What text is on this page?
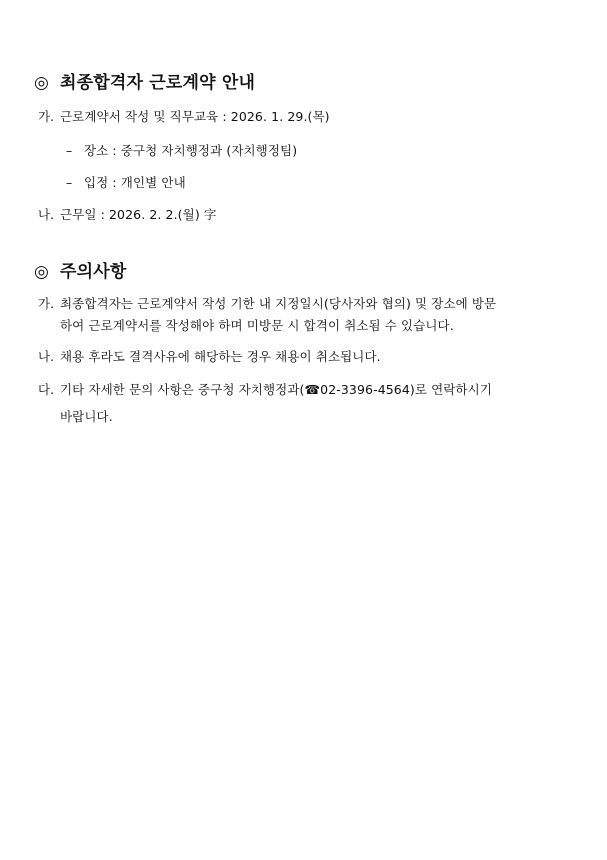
◎ 최종합격자 근로계약 안내
가. 근로계약서 작성 및 직무교육 : 2026. 1. 29.(목)
– 장소 : 중구청 자치행정과 (자치행정팀)
– 입정 : 개인별 안내
나. 근무일 : 2026. 2. 2.(월) 字
◎ 주의사항
가. 최종합격자는 근로계약서 작성 기한 내 지정일시(당사자와 협의) 및 장소에 방문
하여 근로계약서를 작성해야 하며 미방문 시 합격이 취소됨 수 있습니다.
나. 채용 후라도 결격사유에 해당하는 경우 채용이 취소됩니다.
다. 기타 자세한 문의 사항은 중구청 자치행정과(☎02-3396-4564)로 연락하시기
바랍니다.
